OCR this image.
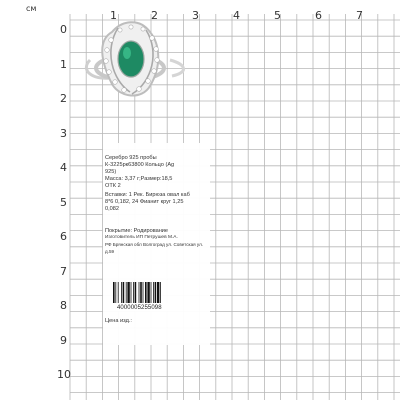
см
1	2	3	4	5	6	7
0
1
2
3
4
5
6
7
8
9
10
Серебро 925 пробы
К-3225рк63800 Кольцо (Ag
925)
Масса: 3,37 г;Размер:18,5
ОТК 2
Вставки: 1 Рек. Бирюза овал каб
8*6 0,182, 24 Фианит круг 1,25
0,082
Покрытие: Родирование
Изготовитель ИП Петрушев М.А.
РФ Брянская обл Волгоград ул. Советская ул. д.59
Цена изд.:
4000005255098
